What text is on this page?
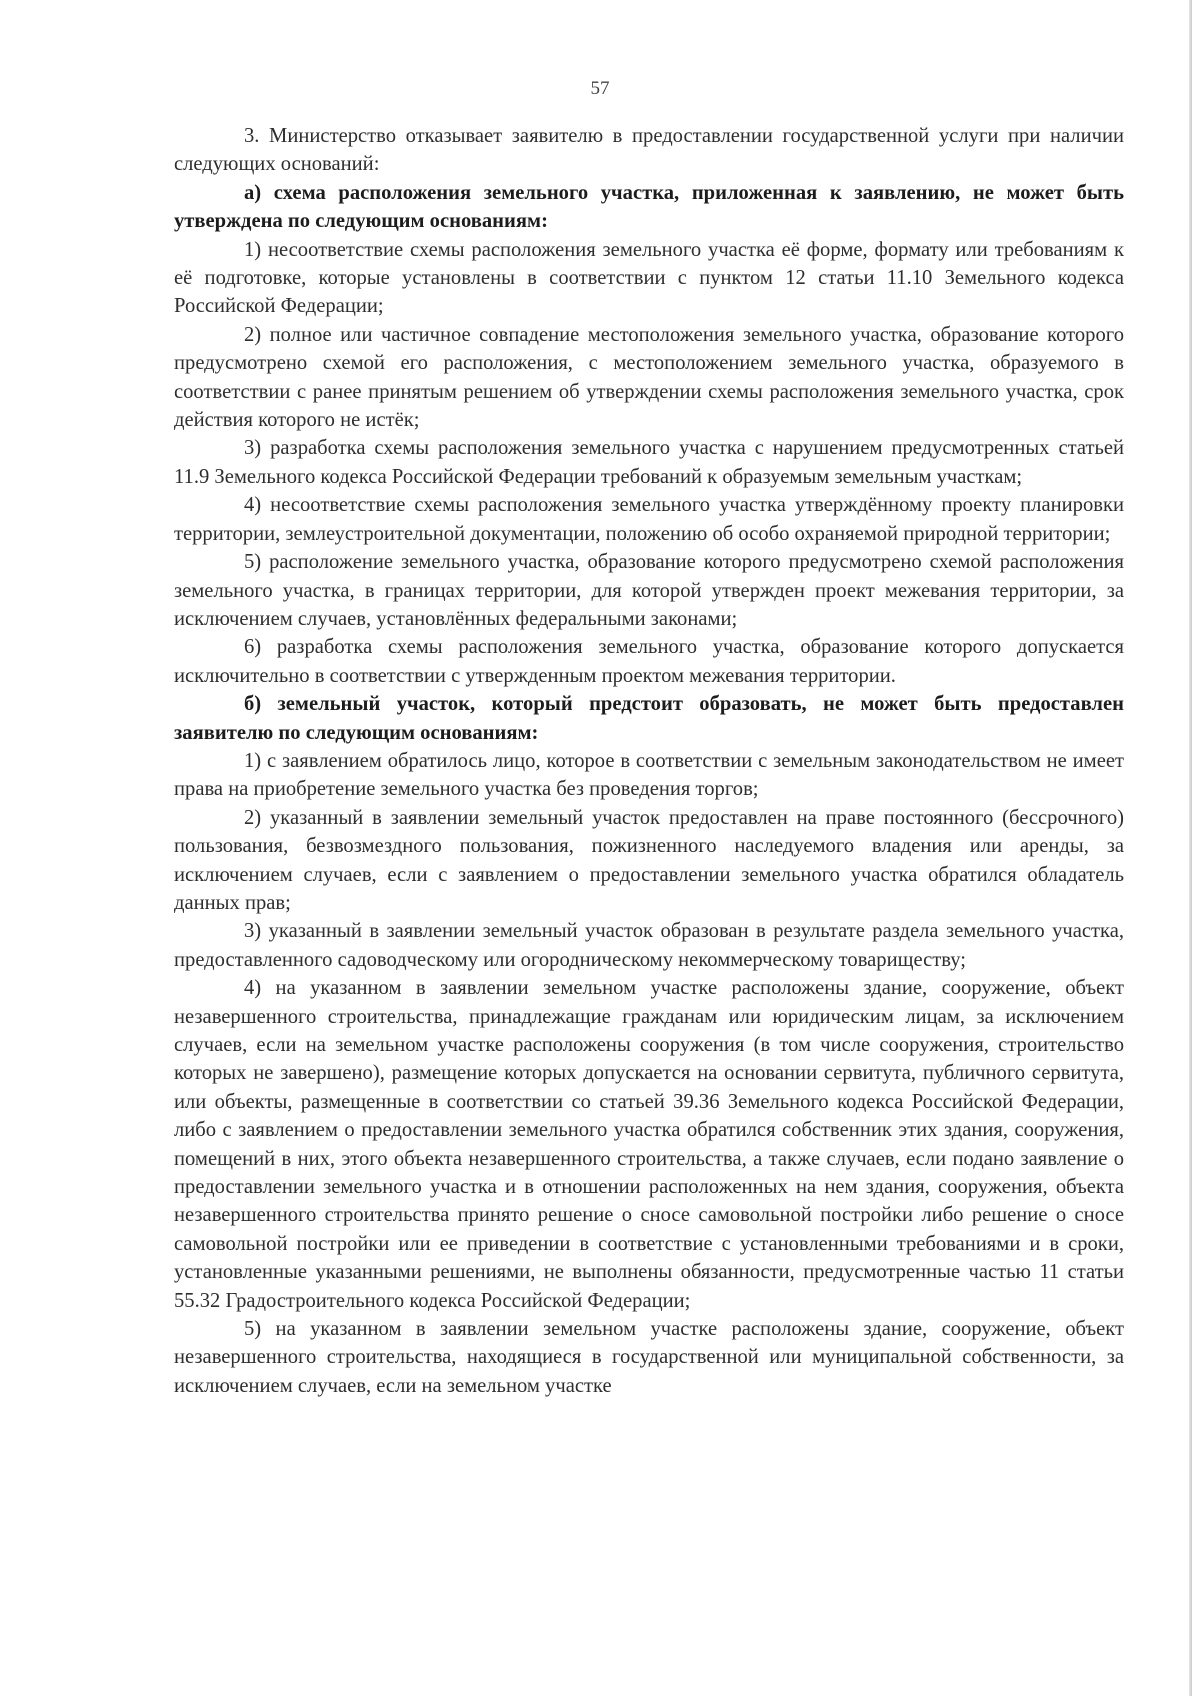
57

3. Министерство отказывает заявителю в предоставлении государственной услуги при наличии следующих оснований:

а) схема расположения земельного участка, приложенная к заявлению, не может быть утверждена по следующим основаниям:

1) несоответствие схемы расположения земельного участка её форме, формату или требованиям к её подготовке, которые установлены в соответствии с пунктом 12 статьи 11.10 Земельного кодекса Российской Федерации;

2) полное или частичное совпадение местоположения земельного участка, образование которого предусмотрено схемой его расположения, с местоположением земельного участка, образуемого в соответствии с ранее принятым решением об утверждении схемы расположения земельного участка, срок действия которого не истёк;

3) разработка схемы расположения земельного участка с нарушением предусмотренных статьей 11.9 Земельного кодекса Российской Федерации требований к образуемым земельным участкам;

4) несоответствие схемы расположения земельного участка утверждённому проекту планировки территории, землеустроительной документации, положению об особо охраняемой природной территории;

5) расположение земельного участка, образование которого предусмотрено схемой расположения земельного участка, в границах территории, для которой утвержден проект межевания территории, за исключением случаев, установлённых федеральными законами;

6) разработка схемы расположения земельного участка, образование которого допускается исключительно в соответствии с утвержденным проектом межевания территории.

б) земельный участок, который предстоит образовать, не может быть предоставлен заявителю по следующим основаниям:

1) с заявлением обратилось лицо, которое в соответствии с земельным законодательством не имеет права на приобретение земельного участка без проведения торгов;

2) указанный в заявлении земельный участок предоставлен на праве постоянного (бессрочного) пользования, безвозмездного пользования, пожизненного наследуемого владения или аренды, за исключением случаев, если с заявлением о предоставлении земельного участка обратился обладатель данных прав;

3) указанный в заявлении земельный участок образован в результате раздела земельного участка, предоставленного садоводческому или огородническому некоммерческому товариществу;

4) на указанном в заявлении земельном участке расположены здание, сооружение, объект незавершенного строительства, принадлежащие гражданам или юридическим лицам, за исключением случаев, если на земельном участке расположены сооружения (в том числе сооружения, строительство которых не завершено), размещение которых допускается на основании сервитута, публичного сервитута, или объекты, размещенные в соответствии со статьей 39.36 Земельного кодекса Российской Федерации, либо с заявлением о предоставлении земельного участка обратился собственник этих здания, сооружения, помещений в них, этого объекта незавершенного строительства, а также случаев, если подано заявление о предоставлении земельного участка и в отношении расположенных на нем здания, сооружения, объекта незавершенного строительства принято решение о сносе самовольной постройки либо решение о сносе самовольной постройки или ее приведении в соответствие с установленными требованиями и в сроки, установленные указанными решениями, не выполнены обязанности, предусмотренные частью 11 статьи 55.32 Градостроительного кодекса Российской Федерации;

5) на указанном в заявлении земельном участке расположены здание, сооружение, объект незавершенного строительства, находящиеся в государственной или муниципальной собственности, за исключением случаев, если на земельном участке
